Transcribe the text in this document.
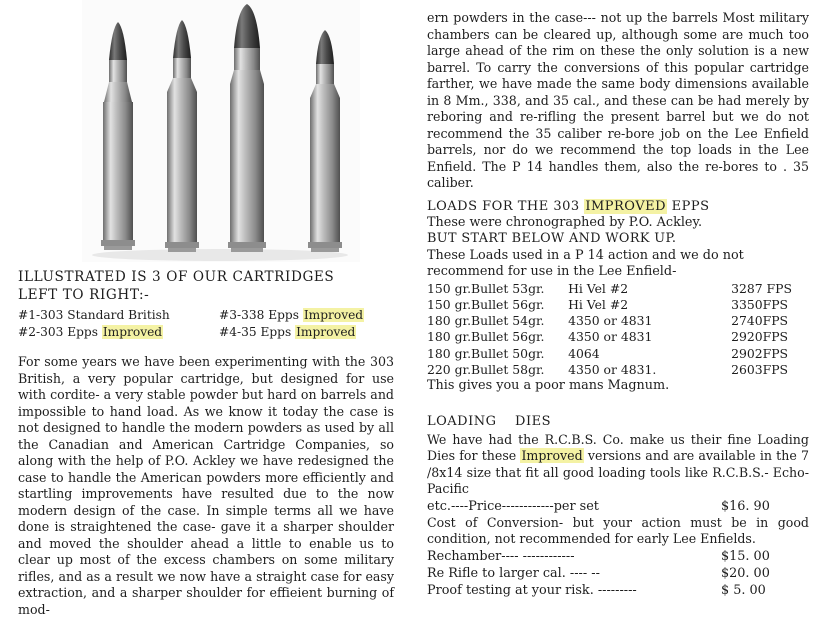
ILLUSTRATED IS 3 OF OUR CARTRIDGES
LEFT TO RIGHT:-
#1-303 Standard British
#2-303 Epps Improved
#3-338 Epps Improved
#4-35 Epps Improved
For some years we have been experimenting with the 303 British, a very popular cartridge, but designed for use with cordite- a very stable powder but hard on barrels and impossible to hand load. As we know it today the case is not designed to handle the modern powders as used by all the Canadian and American Cartridge Companies, so along with the help of P.O. Ackley we have redesigned the case to handle the American powders more efficiently and startling improvements have resulted due to the now modern design of the case. In simple terms all we have done is straightened the case- gave it a sharper shoulder and moved the shoulder ahead a little to enable us to clear up most of the excess chambers on some military rifles, and as a result we now have a straight case for easy extraction, and a sharper shoulder for effieient burning of mod-
ern powders in the case--- not up the barrels Most military chambers can be cleared up, although some are much too large ahead of the rim on these the only solution is a new barrel. To carry the conversions of this popular cartridge farther, we have made the same body dimensions available in 8 Mm., 338, and 35 cal., and these can be had merely by reboring and re-rifling the present barrel but we do not recommend the 35 caliber re-bore job on the Lee Enfield barrels, nor do we recommend the top loads in the Lee Enfield. The P 14 handles them, also the re-bores to . 35 caliber.
LOADS FOR THE 303 IMPROVED EPPS
These were chronographed by P.O. Ackley.
BUT START BELOW AND WORK UP.
These Loads used in a P 14 action and we do not
recommend for use in the Lee Enfield-
150 gr.	Bullet 53	gr.	Hi Vel #2	3287 FPS
150 gr.	Bullet 56	gr.	Hi Vel #2	3350FPS
180 gr.	Bullet 54	gr.	4350 or 4831	2740FPS
180 gr.	Bullet 56	gr.	4350 or 4831	2920FPS
180 gr.	Bullet 50	gr.	4064	2902FPS
220 gr.	Bullet 58	gr.	4350 or 4831.	2603FPS
This gives you a poor mans Magnum.
LOADING    DIES
We have had the R.C.B.S. Co. make us their fine Loading Dies for these Improved versions and are available in the 7 /8x14 size that fit all good loading tools like R.C.B.S.- Echo- Pacific
etc.----Price------------per set	$16. 90
Cost of Conversion- but your action must be in good condition, not recommended for early Lee Enfields.
Rechamber---- ------------	$15. 00
Re Rifle to larger cal. ---- --	$20. 00
Proof testing at your risk. ---------	$ 5. 00
